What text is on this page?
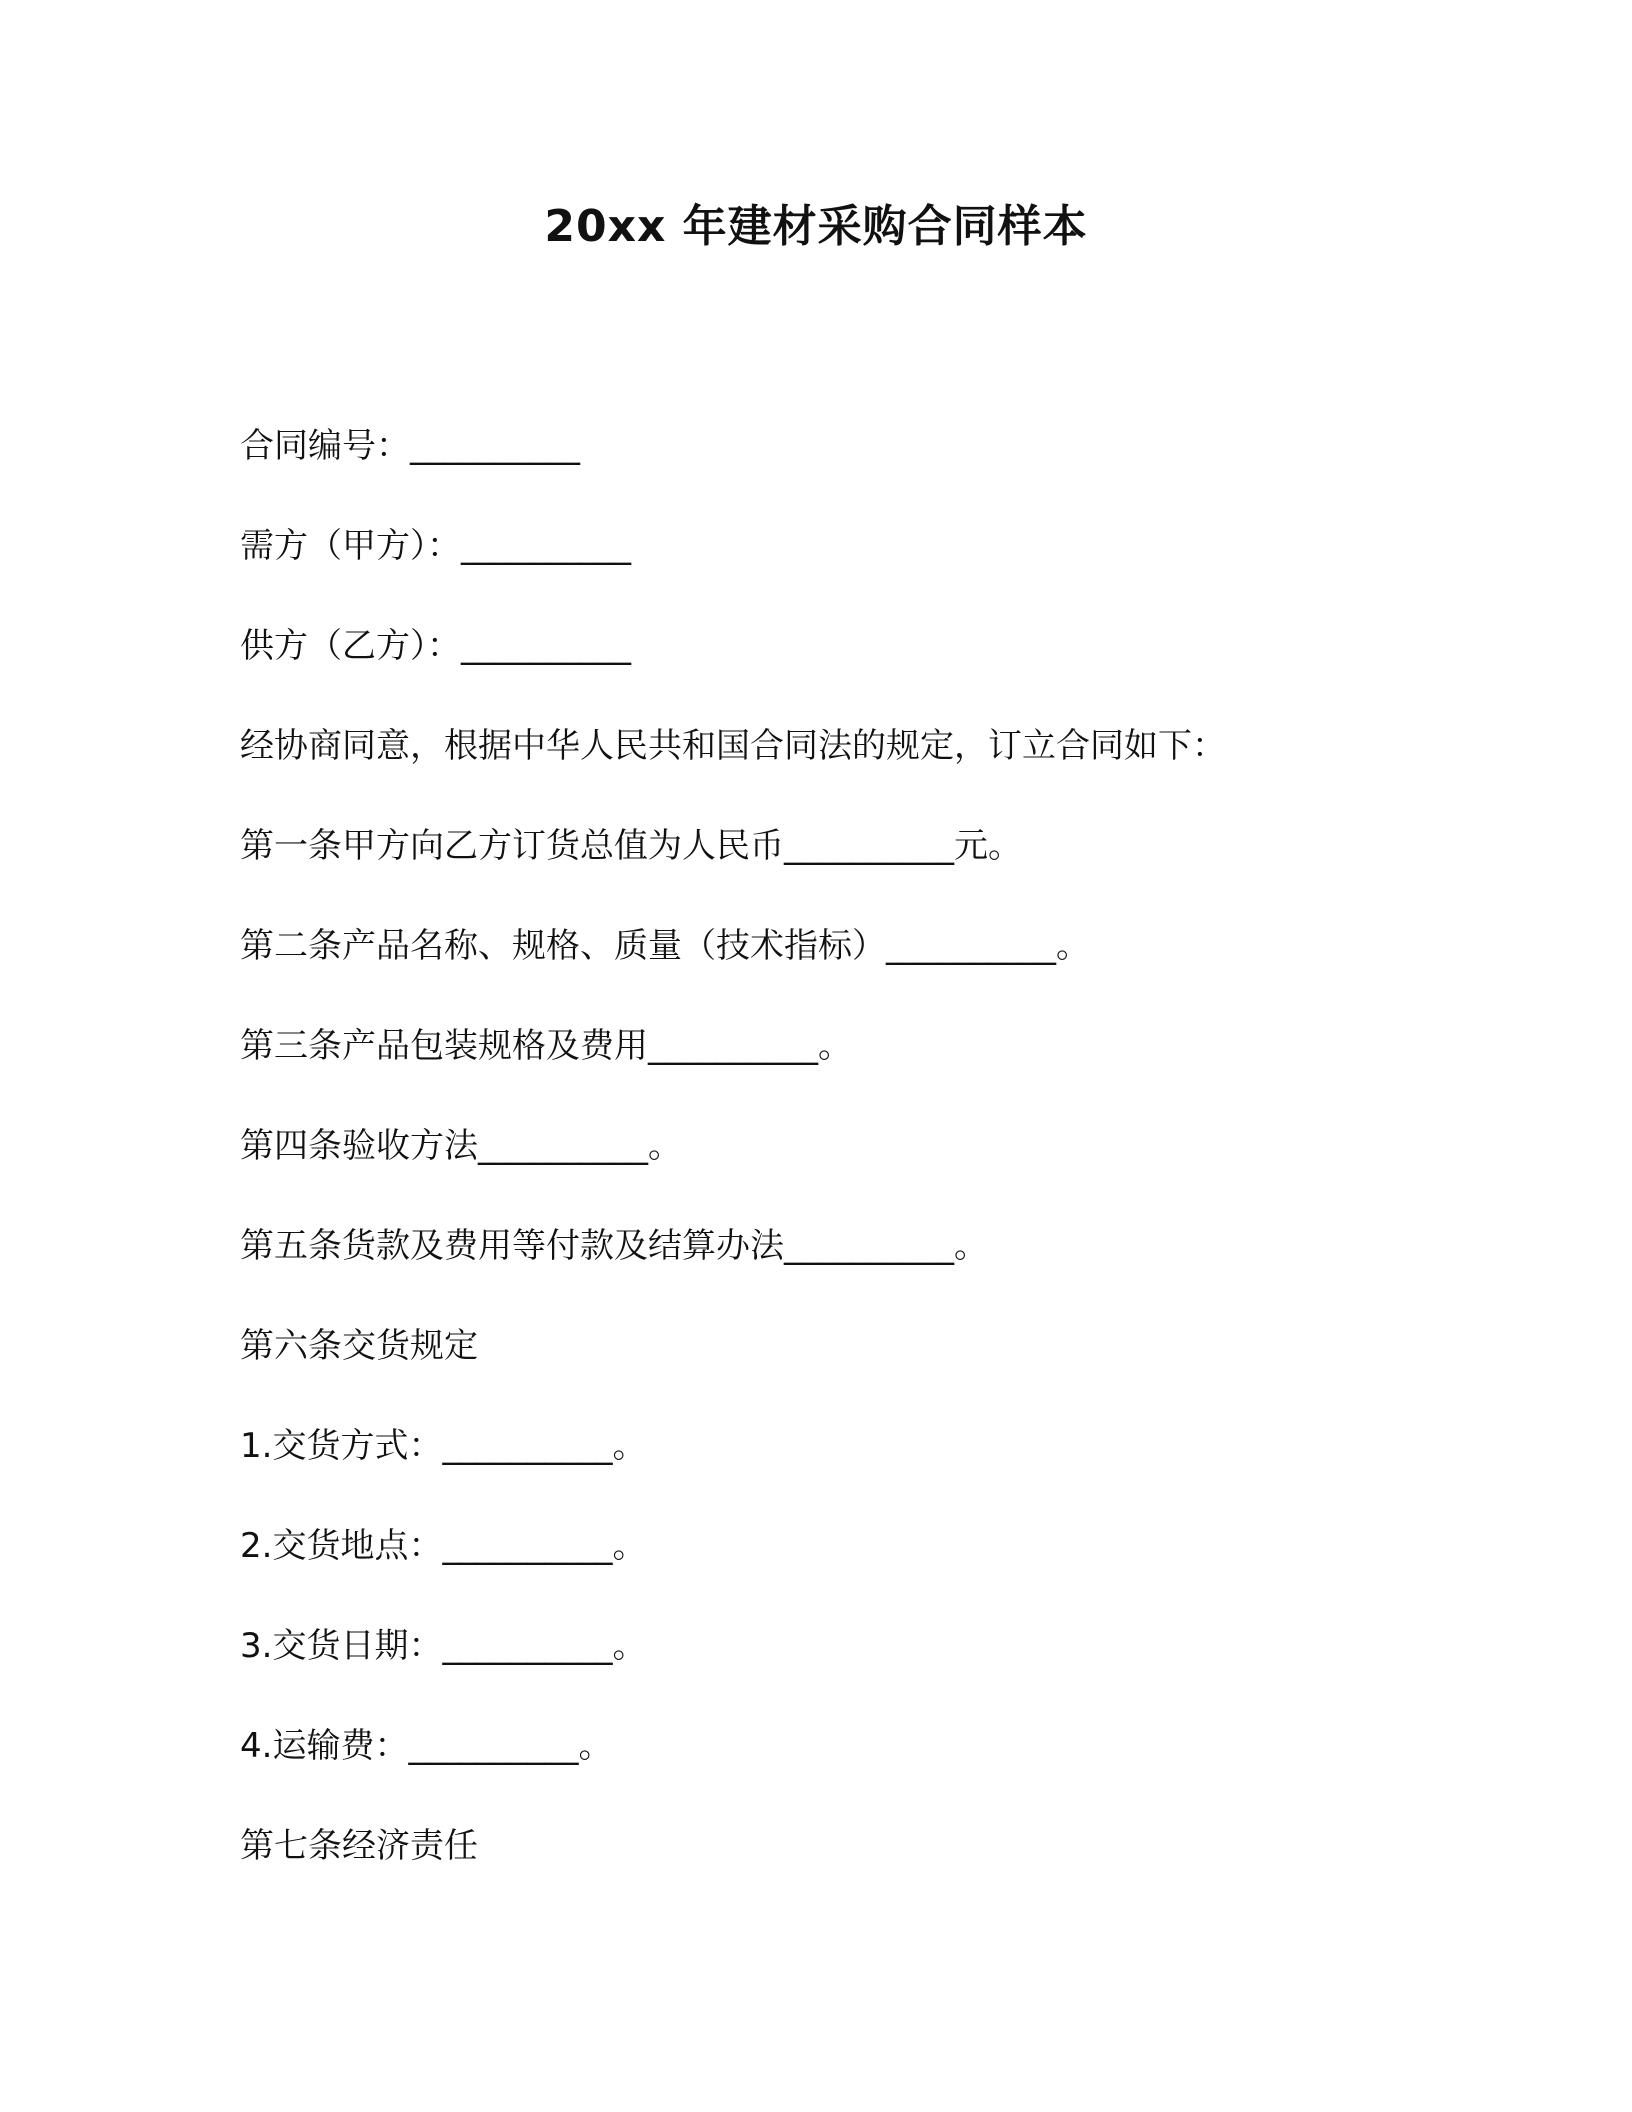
20xx 年建材采购合同样本
合同编号：__________
需方（甲方）：__________
供方（乙方）：__________
经协商同意，根据中华人民共和国合同法的规定，订立合同如下：
第一条甲方向乙方订货总值为人民币__________元。
第二条产品名称、规格、质量（技术指标）__________。
第三条产品包装规格及费用__________。
第四条验收方法__________。
第五条货款及费用等付款及结算办法__________。
第六条交货规定
1.交货方式：__________。
2.交货地点：__________。
3.交货日期：__________。
4.运输费：__________。
第七条经济责任
